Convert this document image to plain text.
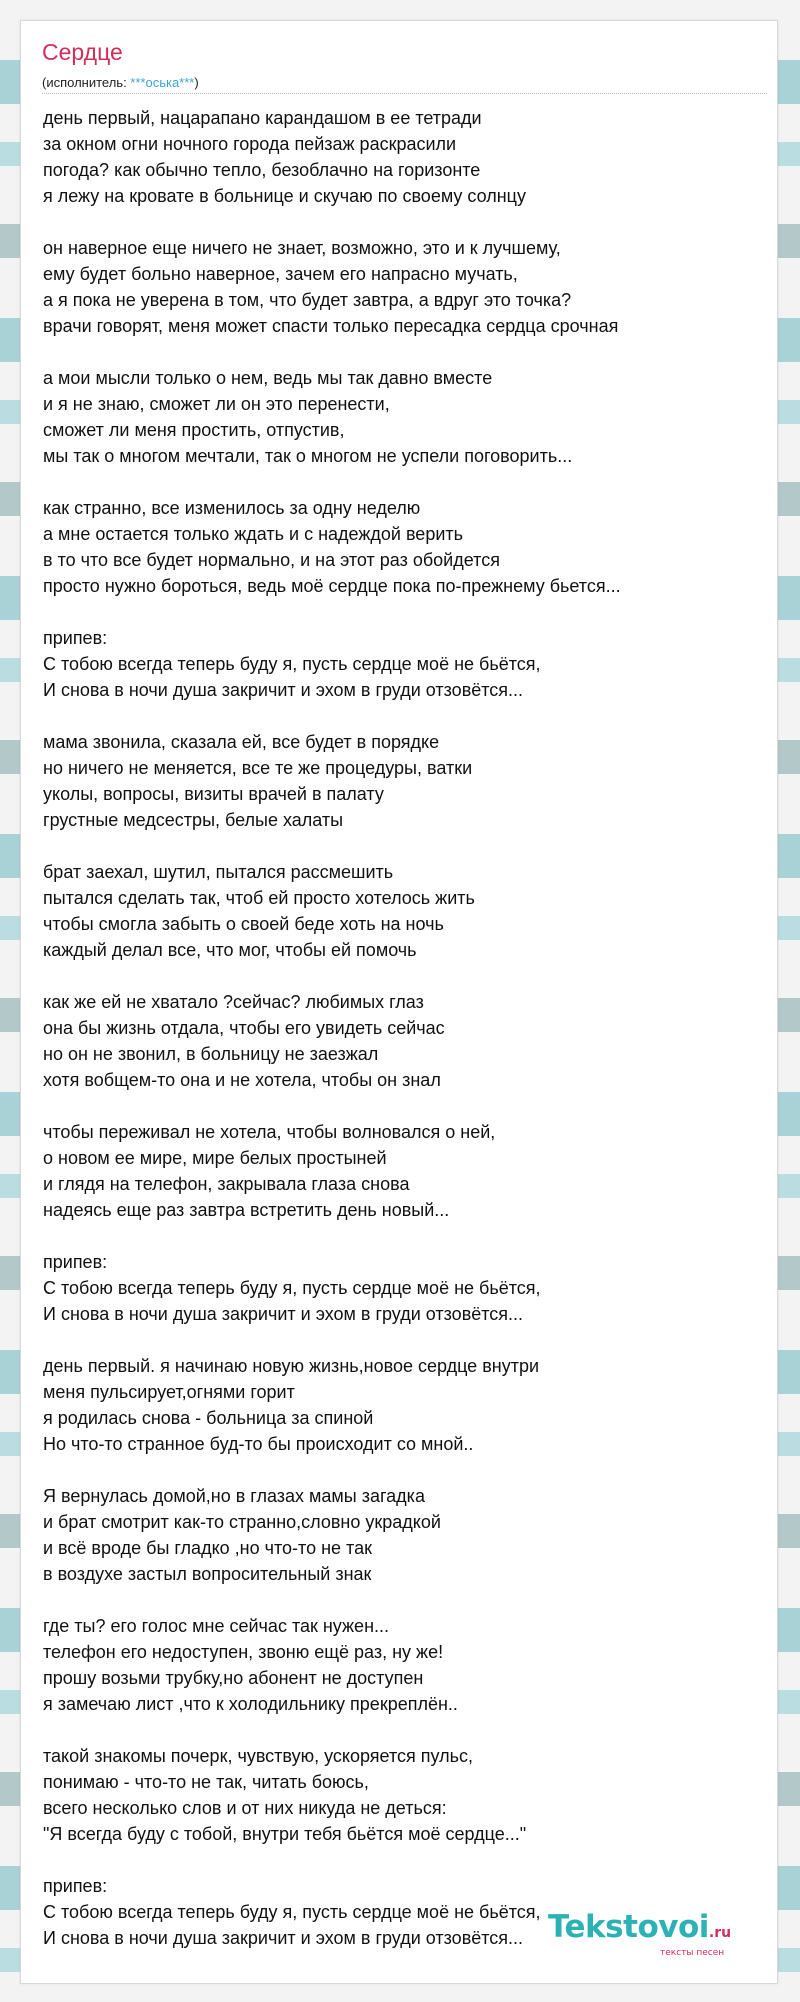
Сердце
(исполнитель: ***оська***)
день первый, нацарапано карандашом в ее тетради
за окном огни ночного города пейзаж раскрасили
погода? как обычно тепло, безоблачно на горизонте
я лежу на кровате в больнице и скучаю по своему солнцу
он наверное еще ничего не знает, возможно, это и к лучшему,
ему будет больно наверное, зачем его напрасно мучать,
а я пока не уверена в том, что будет завтра, а вдруг это точка?
врачи говорят, меня может спасти только пересадка сердца срочная
а мои мысли только о нем, ведь мы так давно вместе
и я не знаю, сможет ли он это перенести,
сможет ли меня простить, отпустив,
мы так о многом мечтали, так о многом не успели поговорить...
как странно, все изменилось за одну неделю
а мне остается только ждать и с надеждой верить
в то что все будет нормально, и на этот раз обойдется
просто нужно бороться, ведь моё сердце пока по-прежнему бьется...
припев:
С тобою всегда теперь буду я, пусть сердце моё не бьётся,
И снова в ночи душа закричит и эхом в груди отзовётся...
мама звонила, сказала ей, все будет в порядке
но ничего не меняется, все те же процедуры, ватки
уколы, вопросы, визиты врачей в палату
грустные медсестры, белые халаты
брат заехал, шутил, пытался рассмешить
пытался сделать так, чтоб ей просто хотелось жить
чтобы смогла забыть о своей беде хоть на ночь
каждый делал все, что мог, чтобы ей помочь
как же ей не хватало ?сейчас? любимых глаз
она бы жизнь отдала, чтобы его увидеть сейчас
но он не звонил, в больницу не заезжал
хотя вобщем-то она и не хотела, чтобы он знал
чтобы переживал не хотела, чтобы волновался о ней,
о новом ее мире, мире белых простыней
и глядя на телефон, закрывала глаза снова
надеясь еще раз завтра встретить день новый...
припев:
С тобою всегда теперь буду я, пусть сердце моё не бьётся,
И снова в ночи душа закричит и эхом в груди отзовётся...
день первый. я начинаю новую жизнь,новое сердце внутри
меня пульсирует,огнями горит
я родилась снова - больница за спиной
Но что-то странное буд-то бы происходит со мной..
Я вернулась домой,но в глазах мамы загадка
и брат смотрит как-то странно,словно украдкой
и всё вроде бы гладко ,но что-то не так
в воздухе застыл вопросительный знак
где ты? его голос мне сейчас так нужен...
телефон его недоступен, звоню ещё раз, ну же!
прошу возьми трубку,но абонент не доступен
я замечаю лист ,что к холодильнику прекреплён..
такой знакомы почерк, чувствую, ускоряется пульс,
понимаю - что-то не так, читать боюсь,
всего несколько слов и от них никуда не деться:
"Я всегда буду с тобой, внутри тебя бьётся моё сердце..."
припев:
С тобою всегда теперь буду я, пусть сердце моё не бьётся,
И снова в ночи душа закричит и эхом в груди отзовётся... Tekstovoi.ru
тексты песен
